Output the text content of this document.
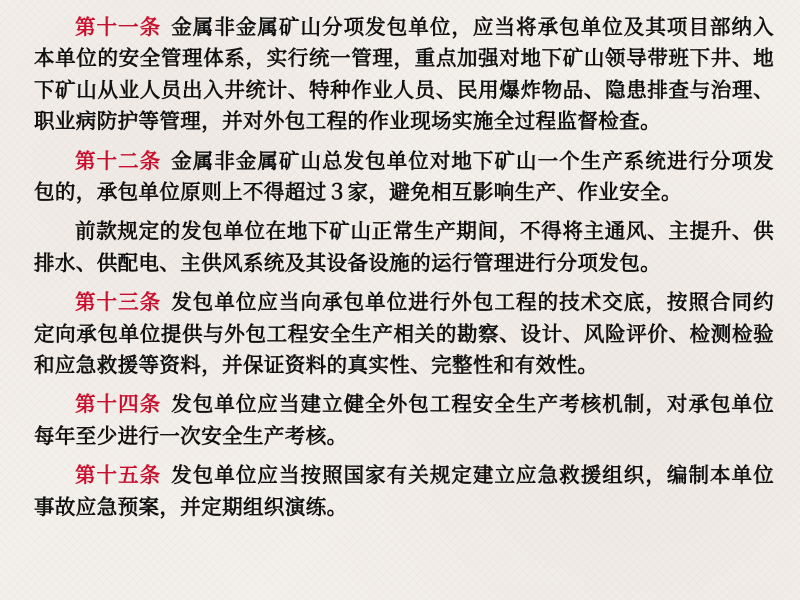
第十一条 金属非金属矿山分项发包单位，应当将承包单位及其项目部纳入本单位的安全管理体系，实行统一管理，重点加强对地下矿山领导带班下井、地下矿山从业人员出入井统计、特种作业人员、民用爆炸物品、隐患排查与治理、职业病防护等管理，并对外包工程的作业现场实施全过程监督检查。

第十二条 金属非金属矿山总发包单位对地下矿山一个生产系统进行分项发包的，承包单位原则上不得超过３家，避免相互影响生产、作业安全。

前款规定的发包单位在地下矿山正常生产期间，不得将主通风、主提升、供排水、供配电、主供风系统及其设备设施的运行管理进行分项发包。

第十三条 发包单位应当向承包单位进行外包工程的技术交底，按照合同约定向承包单位提供与外包工程安全生产相关的勘察、设计、风险评价、检测检验和应急救援等资料，并保证资料的真实性、完整性和有效性。

第十四条 发包单位应当建立健全外包工程安全生产考核机制，对承包单位每年至少进行一次安全生产考核。

第十五条 发包单位应当按照国家有关规定建立应急救援组织，编制本单位事故应急预案，并定期组织演练。
